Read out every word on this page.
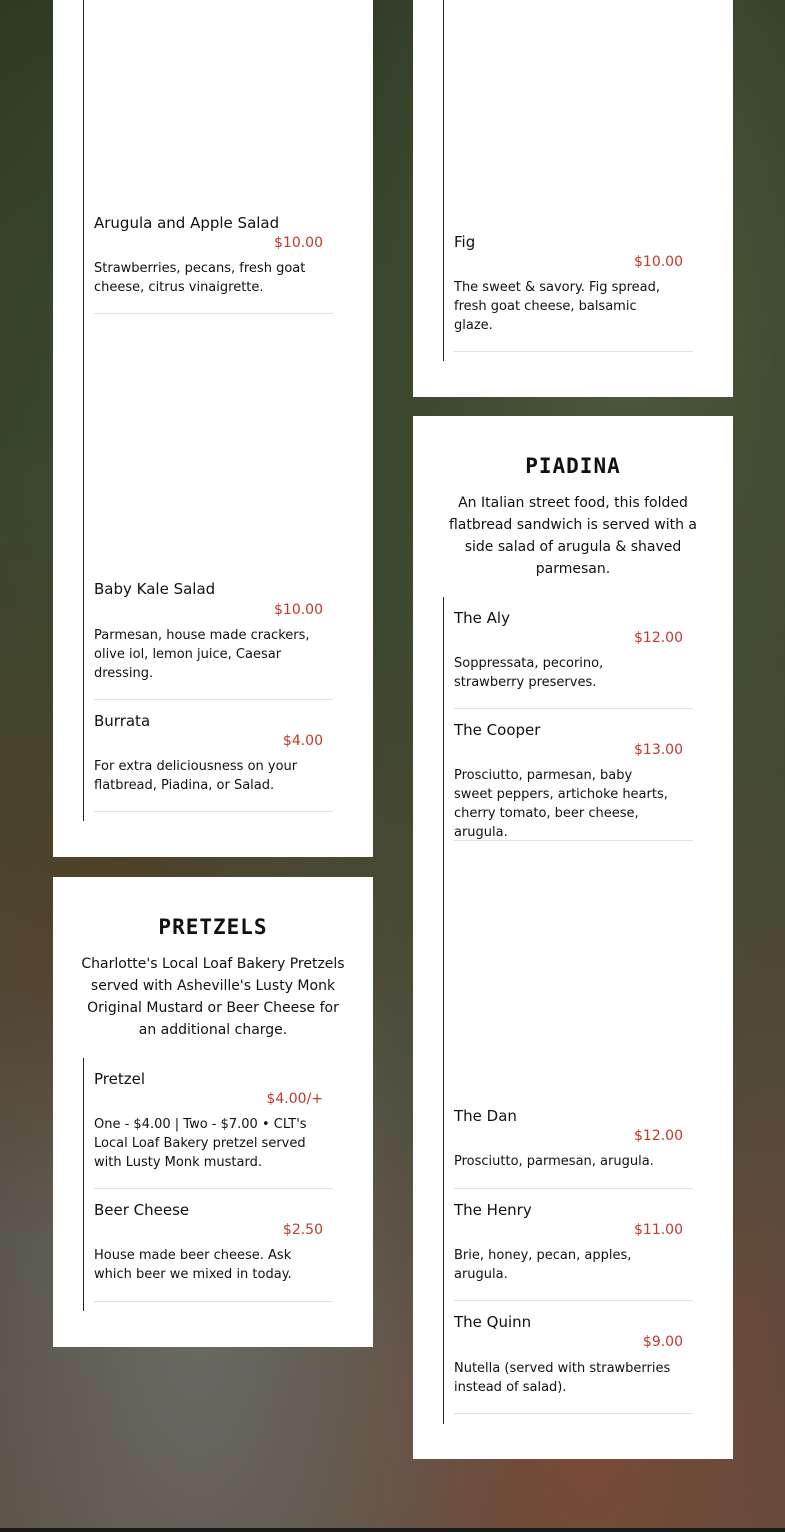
Arugula and Apple Salad
$10.00
Strawberries, pecans, fresh goat cheese, citrus vinaigrette.
Baby Kale Salad
$10.00
Parmesan, house made crackers, olive iol, lemon juice, Caesar dressing.
Burrata
$4.00
For extra deliciousness on your flatbread, Piadina, or Salad.
Fig
$10.00
The sweet & savory. Fig spread, fresh goat cheese, balsamic glaze.
PRETZELS
Charlotte's Local Loaf Bakery Pretzels served with Asheville's Lusty Monk Original Mustard or Beer Cheese for an additional charge.
Pretzel
$4.00/+
One - $4.00 | Two - $7.00 • CLT's Local Loaf Bakery pretzel served with Lusty Monk mustard.
Beer Cheese
$2.50
House made beer cheese. Ask which beer we mixed in today.
PIADINA
An Italian street food, this folded flatbread sandwich is served with a side salad of arugula & shaved parmesan.
The Aly
$12.00
Soppressata, pecorino, strawberry preserves.
The Cooper
$13.00
Prosciutto, parmesan, baby sweet peppers, artichoke hearts, cherry tomato, beer cheese, arugula.
The Dan
$12.00
Prosciutto, parmesan, arugula.
The Henry
$11.00
Brie, honey, pecan, apples, arugula.
The Quinn
$9.00
Nutella (served with strawberries instead of salad).
